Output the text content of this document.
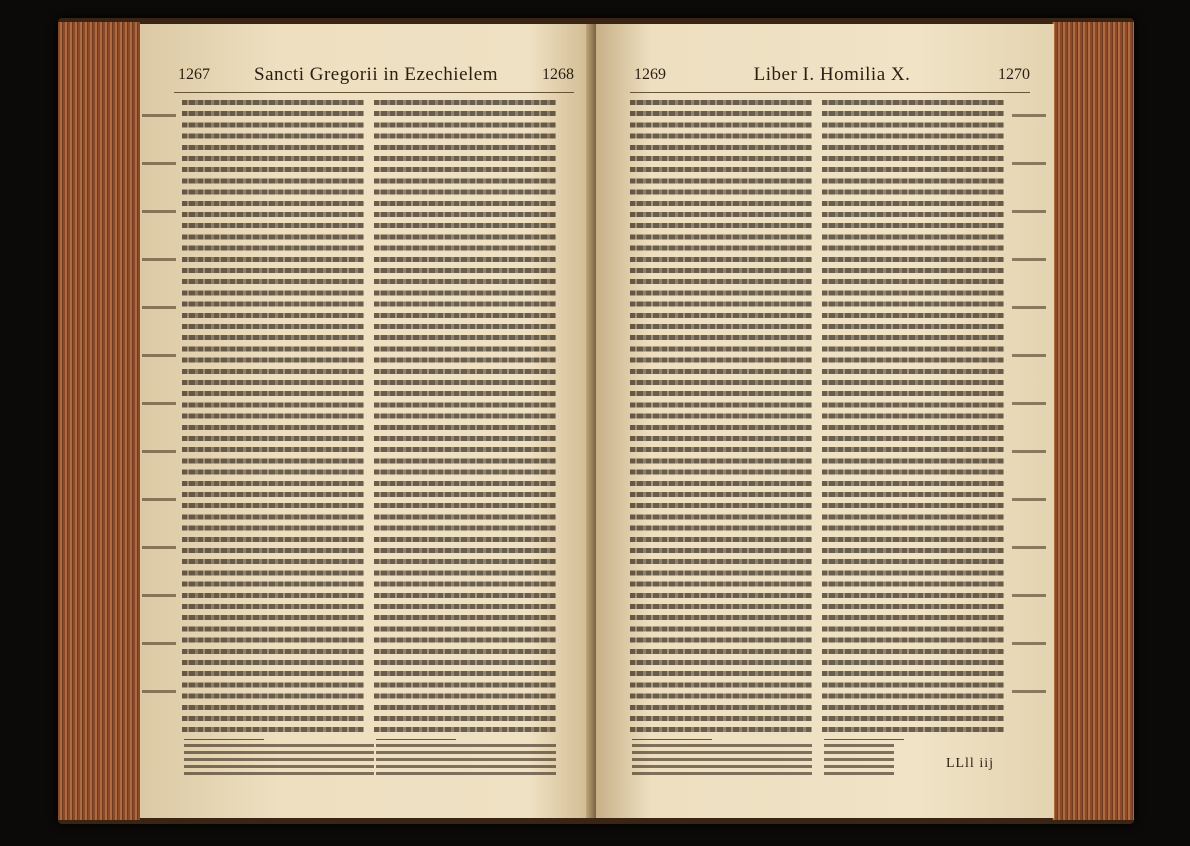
1267	Sancti Gregorii in Ezechielem	1268	1269	Liber I. Homilia X.	1270
LLll iij
